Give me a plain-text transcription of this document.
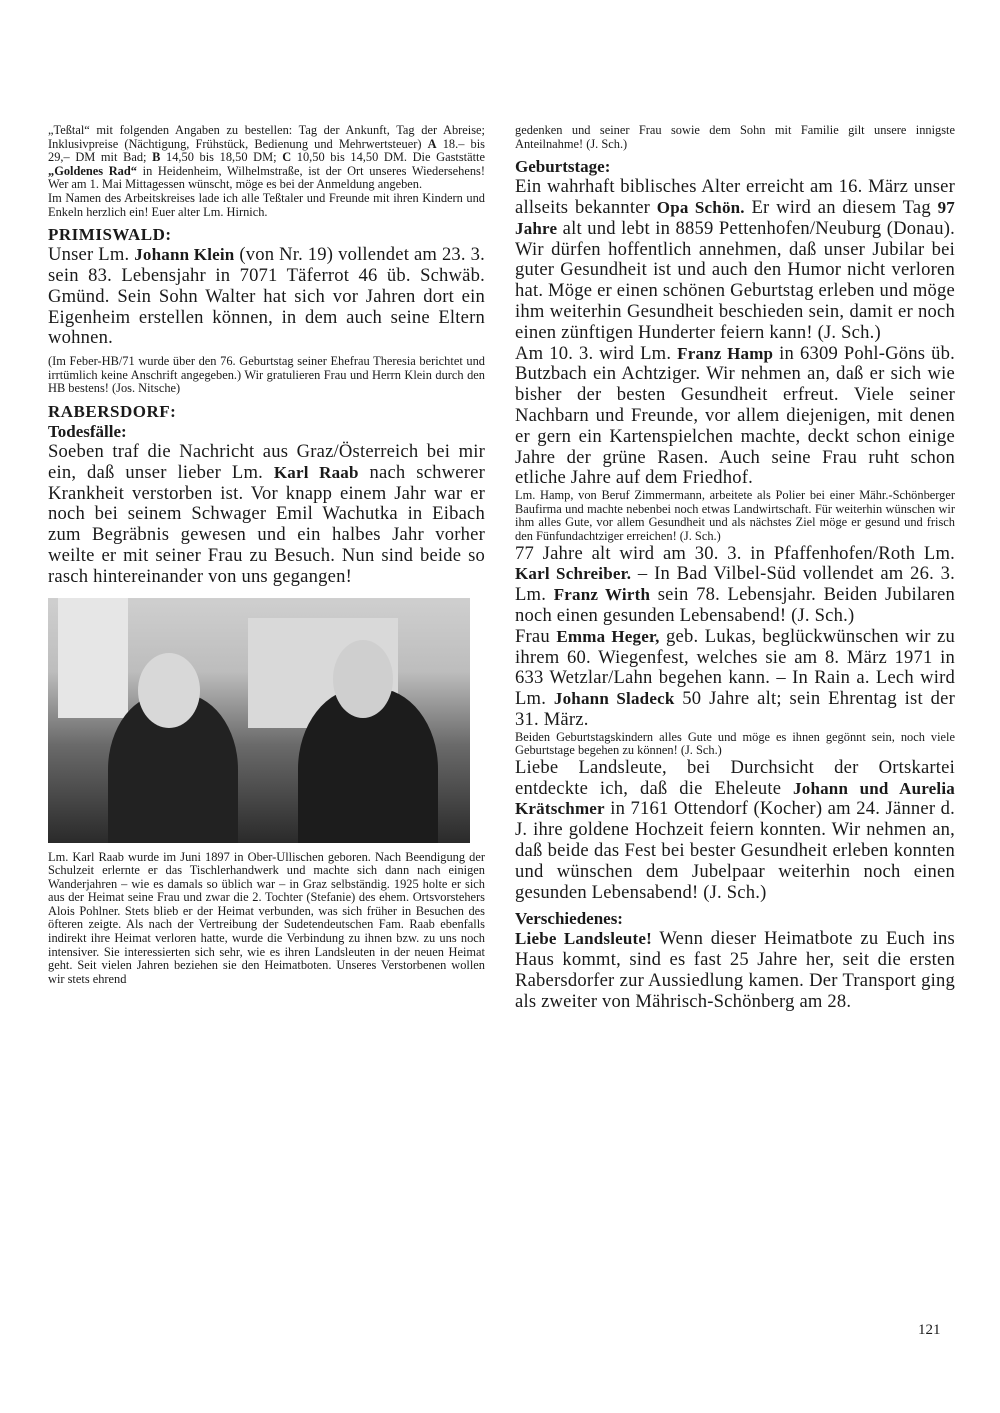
„Teßtal“ mit folgenden Angaben zu bestellen: Tag der Ankunft, Tag der Abreise; Inklusivpreise (Nächtigung, Frühstück, Bedienung und Mehrwertsteuer) A 18.– bis 29,– DM mit Bad; B 14,50 bis 18,50 DM; C 10,50 bis 14,50 DM. Die Gaststätte „Goldenes Rad“ in Heidenheim, Wilhelmstraße, ist der Ort unseres Wiedersehens! Wer am 1. Mai Mittagessen wünscht, möge es bei der Anmeldung angeben.

Im Namen des Arbeitskreises lade ich alle Teßtaler und Freunde mit ihren Kindern und Enkeln herzlich ein! Euer alter Lm. Hirnich.

PRIMISWALD:

Unser Lm. Johann Klein (von Nr. 19) vollendet am 23. 3. sein 83. Lebensjahr in 7071 Täferrot 46 üb. Schwäb. Gmünd. Sein Sohn Walter hat sich vor Jahren dort ein Eigenheim erstellen können, in dem auch seine Eltern wohnen.

(Im Feber-HB/71 wurde über den 76. Geburtstag seiner Ehefrau Theresia berichtet und irrtümlich keine Anschrift angegeben.) Wir gratulieren Frau und Herrn Klein durch den HB bestens! (Jos. Nitsche)

RABERSDORF:
Todesfälle:

Soeben traf die Nachricht aus Graz/Österreich bei mir ein, daß unser lieber Lm. Karl Raab nach schwerer Krankheit verstorben ist. Vor knapp einem Jahr war er noch bei seinem Schwager Emil Wachutka in Eibach zum Begräbnis gewesen und ein halbes Jahr vorher weilte er mit seiner Frau zu Besuch. Nun sind beide so rasch hintereinander von uns gegangen!

Lm. Karl Raab wurde im Juni 1897 in Ober-Ullischen geboren. Nach Beendigung der Schulzeit erlernte er das Tischlerhandwerk und machte sich dann nach einigen Wanderjahren – wie es damals so üblich war – in Graz selbständig. 1925 holte er sich aus der Heimat seine Frau und zwar die 2. Tochter (Stefanie) des ehem. Ortsvorstehers Alois Pohlner. Stets blieb er der Heimat verbunden, was sich früher in Besuchen des öfteren zeigte. Als nach der Vertreibung der Sudetendeutschen Fam. Raab ebenfalls indirekt ihre Heimat verloren hatte, wurde die Verbindung zu ihnen bzw. zu uns noch intensiver. Sie interessierten sich sehr, wie es ihren Landsleuten in der neuen Heimat geht. Seit vielen Jahren beziehen sie den Heimatboten. Unseres Verstorbenen wollen wir stets ehrend

gedenken und seiner Frau sowie dem Sohn mit Familie gilt unsere innigste Anteilnahme! (J. Sch.)

Geburtstage:

Ein wahrhaft biblisches Alter erreicht am 16. März unser allseits bekannter Opa Schön. Er wird an diesem Tag 97 Jahre alt und lebt in 8859 Pettenhofen/Neuburg (Donau). Wir dürfen hoffentlich annehmen, daß unser Jubilar bei guter Gesundheit ist und auch den Humor nicht verloren hat. Möge er einen schönen Geburtstag erleben und möge ihm weiterhin Gesundheit beschieden sein, damit er noch einen zünftigen Hunderter feiern kann! (J. Sch.)

Am 10. 3. wird Lm. Franz Hamp in 6309 Pohl-Göns üb. Butzbach ein Achtziger. Wir nehmen an, daß er sich wie bisher der besten Gesundheit erfreut. Viele seiner Nachbarn und Freunde, vor allem diejenigen, mit denen er gern ein Kartenspielchen machte, deckt schon einige Jahre der grüne Rasen. Auch seine Frau ruht schon etliche Jahre auf dem Friedhof.

Lm. Hamp, von Beruf Zimmermann, arbeitete als Polier bei einer Mähr.-Schönberger Baufirma und machte nebenbei noch etwas Landwirtschaft. Für weiterhin wünschen wir ihm alles Gute, vor allem Gesundheit und als nächstes Ziel möge er gesund und frisch den Fünfundachtziger erreichen! (J. Sch.)

77 Jahre alt wird am 30. 3. in Pfaffenhofen/Roth Lm. Karl Schreiber. – In Bad Vilbel-Süd vollendet am 26. 3. Lm. Franz Wirth sein 78. Lebensjahr. Beiden Jubilaren noch einen gesunden Lebensabend! (J. Sch.)

Frau Emma Heger, geb. Lukas, beglückwünschen wir zu ihrem 60. Wiegenfest, welches sie am 8. März 1971 in 633 Wetzlar/Lahn begehen kann. – In Rain a. Lech wird Lm. Johann Sladeck 50 Jahre alt; sein Ehrentag ist der 31. März.

Beiden Geburtstagskindern alles Gute und möge es ihnen gegönnt sein, noch viele Geburtstage begehen zu können! (J. Sch.)

Liebe Landsleute, bei Durchsicht der Ortskartei entdeckte ich, daß die Eheleute Johann und Aurelia Krätschmer in 7161 Ottendorf (Kocher) am 24. Jänner d. J. ihre goldene Hochzeit feiern konnten. Wir nehmen an, daß beide das Fest bei bester Gesundheit erleben konnten und wünschen dem Jubelpaar weiterhin noch einen gesunden Lebensabend! (J. Sch.)

Verschiedenes:

Liebe Landsleute! Wenn dieser Heimatbote zu Euch ins Haus kommt, sind es fast 25 Jahre her, seit die ersten Rabersdorfer zur Aussiedlung kamen. Der Transport ging als zweiter von Mährisch-Schönberg am 28.

121
